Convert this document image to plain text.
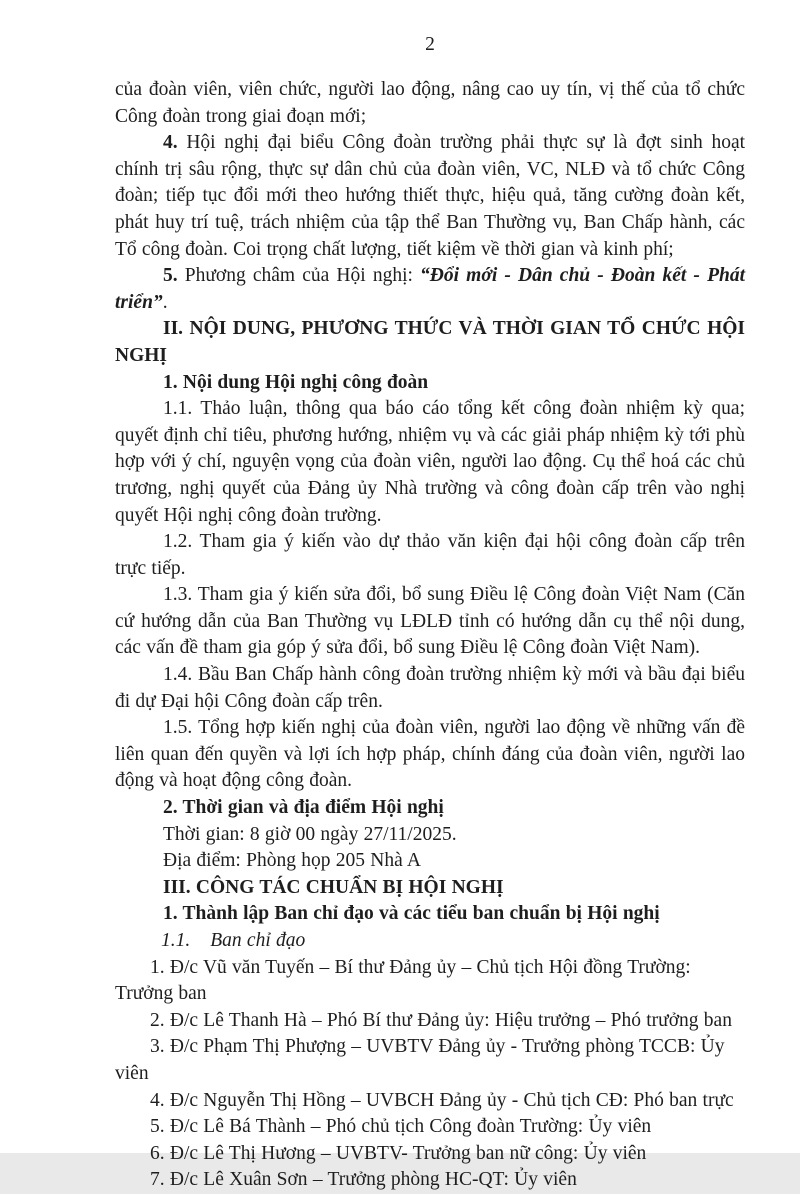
2

của đoàn viên, viên chức, người lao động, nâng cao uy tín, vị thế của tổ chức Công đoàn trong giai đoạn mới;

4. Hội nghị đại biểu Công đoàn trường phải thực sự là đợt sinh hoạt chính trị sâu rộng, thực sự dân chủ của đoàn viên, VC, NLĐ và tổ chức Công đoàn; tiếp tục đổi mới theo hướng thiết thực, hiệu quả, tăng cường đoàn kết, phát huy trí tuệ, trách nhiệm của tập thể Ban Thường vụ, Ban Chấp hành, các Tổ công đoàn. Coi trọng chất lượng, tiết kiệm về thời gian và kinh phí;

5. Phương châm của Hội nghị: “Đổi mới - Dân chủ - Đoàn kết - Phát triển”.

II. NỘI DUNG, PHƯƠNG THỨC VÀ THỜI GIAN TỔ CHỨC HỘI NGHỊ

1. Nội dung Hội nghị công đoàn

1.1. Thảo luận, thông qua báo cáo tổng kết công đoàn nhiệm kỳ qua; quyết định chỉ tiêu, phương hướng, nhiệm vụ và các giải pháp nhiệm kỳ tới phù hợp với ý chí, nguyện vọng của đoàn viên, người lao động. Cụ thể hoá các chủ trương, nghị quyết của Đảng ủy Nhà trường và công đoàn cấp trên vào nghị quyết Hội nghị công đoàn trường.

1.2. Tham gia ý kiến vào dự thảo văn kiện đại hội công đoàn cấp trên trực tiếp.

1.3. Tham gia ý kiến sửa đổi, bổ sung Điều lệ Công đoàn Việt Nam (Căn cứ hướng dẫn của Ban Thường vụ LĐLĐ tỉnh có hướng dẫn cụ thể nội dung, các vấn đề tham gia góp ý sửa đổi, bổ sung Điều lệ Công đoàn Việt Nam).

1.4. Bầu Ban Chấp hành công đoàn trường nhiệm kỳ mới và bầu đại biểu đi dự Đại hội Công đoàn cấp trên.

1.5. Tổng hợp kiến nghị của đoàn viên, người lao động về những vấn đề liên quan đến quyền và lợi ích hợp pháp, chính đáng của đoàn viên, người lao động và hoạt động công đoàn.

2. Thời gian và địa điểm Hội nghị

Thời gian: 8 giờ 00 ngày 27/11/2025.

Địa điểm: Phòng họp 205 Nhà A

III. CÔNG TÁC CHUẨN BỊ HỘI NGHỊ

1. Thành lập Ban chỉ đạo và các tiểu ban chuẩn bị Hội nghị

1.1. Ban chỉ đạo

1. Đ/c Vũ văn Tuyến – Bí thư Đảng ủy – Chủ tịch Hội đồng Trường: Trưởng ban

2. Đ/c Lê Thanh Hà – Phó Bí thư Đảng ủy: Hiệu trưởng – Phó trưởng ban

3. Đ/c Phạm Thị Phượng – UVBTV Đảng ủy - Trưởng phòng TCCB: Ủy viên

4. Đ/c Nguyễn Thị Hồng – UVBCH Đảng ủy - Chủ tịch CĐ: Phó ban trực

5. Đ/c Lê Bá Thành – Phó chủ tịch Công đoàn Trường: Ủy viên

6. Đ/c Lê Thị Hương – UVBTV- Trưởng ban nữ công: Ủy viên

7. Đ/c Lê Xuân Sơn – Trưởng phòng HC-QT: Ủy viên
